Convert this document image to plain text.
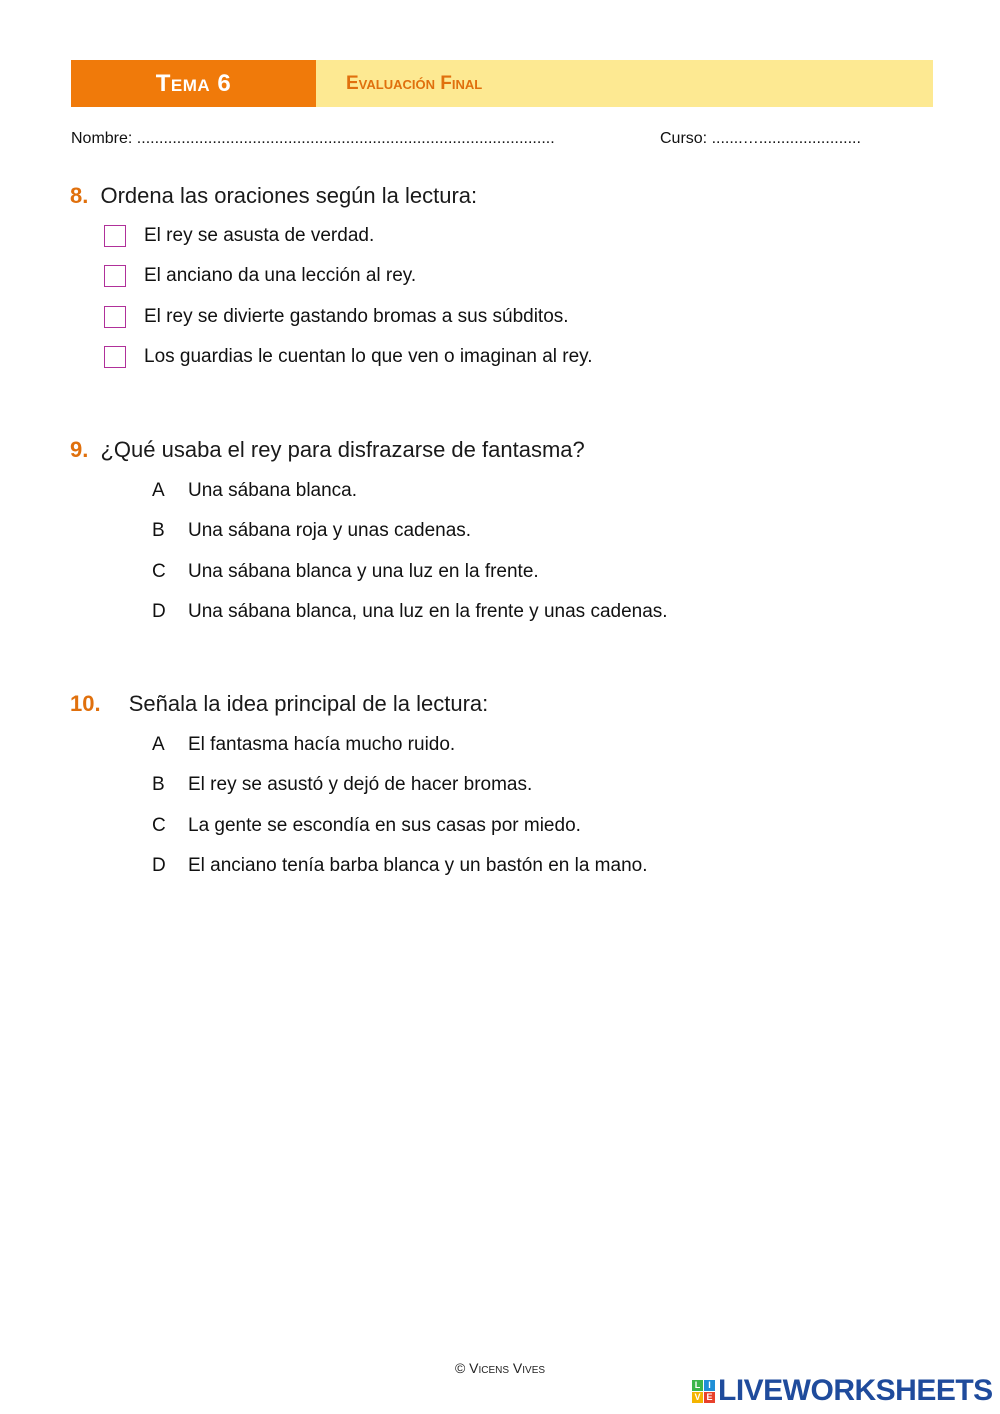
Tema 6	Evaluación Final
Nombre: ..............................................................................................	Curso: .......….......................
8. Ordena las oraciones según la lectura:
El rey se asusta de verdad.
El anciano da una lección al rey.
El rey se divierte gastando bromas a sus súbditos.
Los guardias le cuentan lo que ven o imaginan al rey.
9. ¿Qué usaba el rey para disfrazarse de fantasma?
A Una sábana blanca.
B Una sábana roja y unas cadenas.
C Una sábana blanca y una luz en la frente.
D Una sábana blanca, una luz en la frente y unas cadenas.
10. Señala la idea principal de la lectura:
A El fantasma hacía mucho ruido.
B El rey se asustó y dejó de hacer bromas.
C La gente se escondía en sus casas por miedo.
D El anciano tenía barba blanca y un bastón en la mano.
© Vicens Vives
L I
V E LIVEWORKSHEETS
